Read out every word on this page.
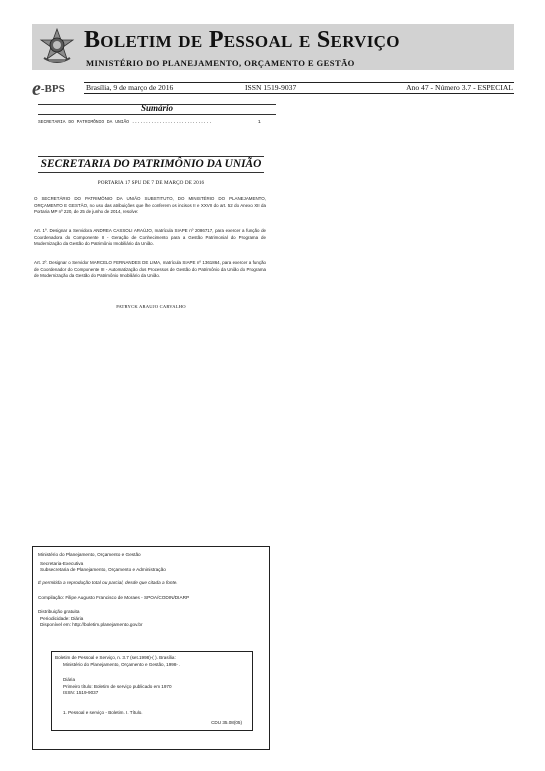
Boletim de Pessoal e Serviço
MINISTÉRIO DO PLANEJAMENTO, ORÇAMENTO E GESTÃO
e-BPS	Brasília, 9 de março de 2016	ISSN 1519-9037	Ano 47 - Número 3.7 - ESPECIAL
Sumário
SECRETARIA DO PATRIMÔNIO DA UNIÃO .............................	1
SECRETARIA DO PATRIMÔNIO DA UNIÃO
PORTARIA 17 SPU DE 7 DE MARÇO DE 2016
O SECRETÁRIO DO PATRIMÔNIO DA UNIÃO SUBSTITUTO, DO MINISTÉRIO DO PLANEJAMENTO, ORÇAMENTO E GESTÃO, no uso das atribuições que lhe conferem os incisos II e XXVII do art. 52 do Anexo XII da Portaria MP nº 220, de 25 de junho de 2014, resolve:
Art. 1º. Designar a Servidora ANDREA CASSOLI ARAÚJO, matrícula SIAPE nº 2086717, para exercer a função de Coordenadora do Componente II - Geração de Conhecimento para a Gestão Patrimonial do Programa de Modernização da Gestão do Patrimônio Imobiliário da União.
Art. 2º. Designar o Servidor MARCELO FERNANDES DE LIMA, matrícula SIAPE nº 1361864, para exercer a função de Coordenador do Componente III - Automatização dos Processos de Gestão do Patrimônio da União do Programa de Modernização da Gestão do Patrimônio Imobiliário da União.
PATRYCK ARAUJO CARVALHO
Ministério do Planejamento, Orçamento e Gestão
Secretaria-Executiva
Subsecretaria de Planejamento, Orçamento e Administração
É permitida a reprodução total ou parcial, desde que citada a fonte.
Compilação: Filipe Augusto Francisco de Moraes - SPOA/CODIN/DIARP
Distribuição gratuita
Periodicidade: Diária
Disponível em: http://boletim.planejamento.gov.br
Boletim de Pessoal e Serviço, n. 3.7 (set.1998)-( ). Brasília:
Ministério do Planejamento, Orçamento e Gestão, 1998- .
Diária
Primeiro título: Boletim de serviço publicado em 1970
ISSN: 1519-9037
1. Pessoal e serviço - Boletim. I. Título.
CDU 35.08(05)
